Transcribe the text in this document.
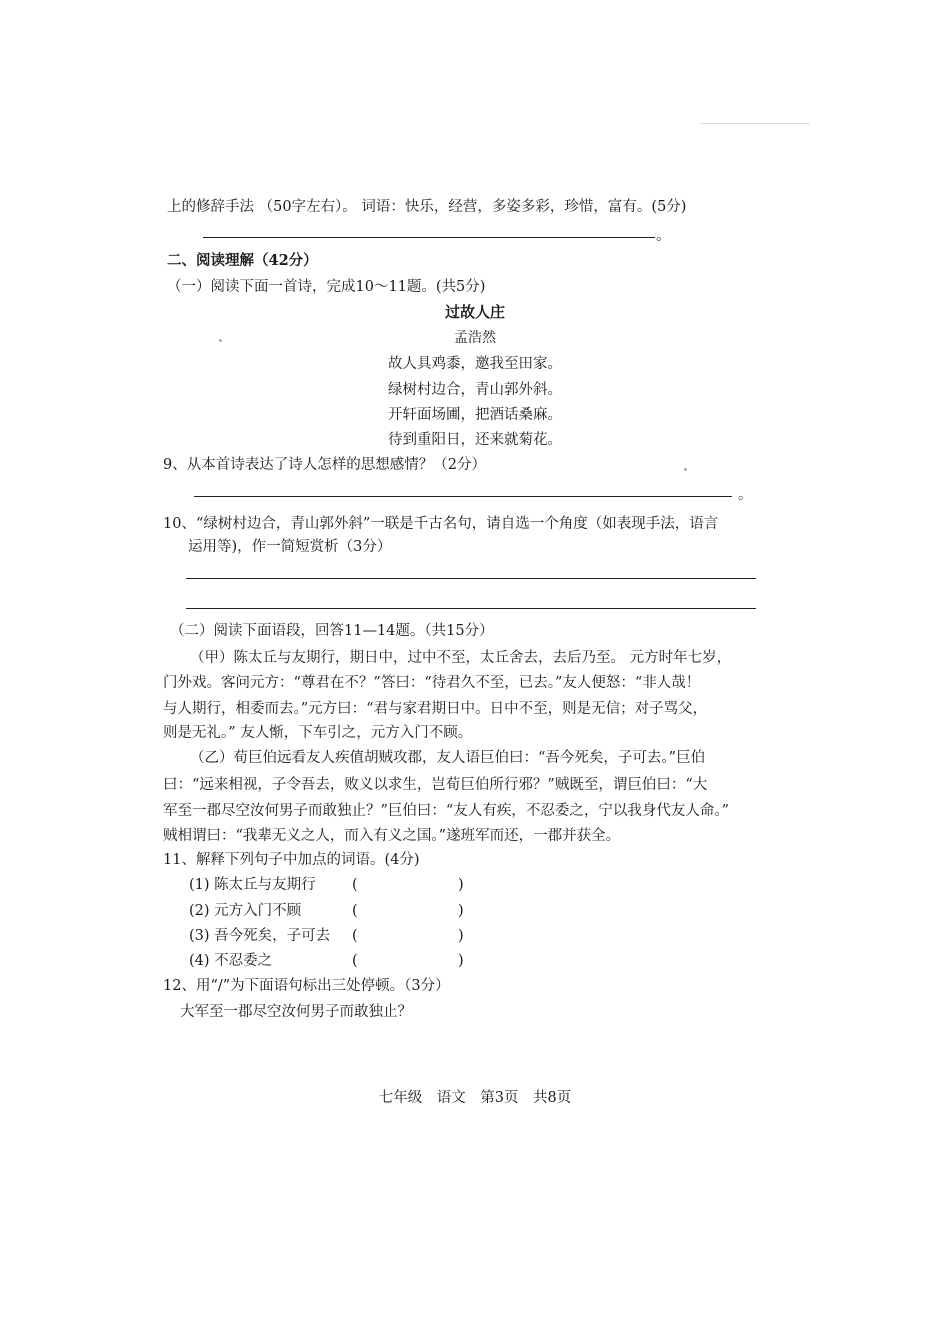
上的修辞手法 （50字左右）。 词语：快乐，经营，多姿多彩，珍惜，富有。(5分)
。
二、阅读理解（42分）
（一）阅读下面一首诗，完成10～11题。(共5分)
过故人庄
孟浩然
故人具鸡黍，邀我至田家。
绿树村边合，青山郭外斜。
开轩面场圃，把酒话桑麻。
待到重阳日，还来就菊花。
9、从本首诗表达了诗人怎样的思想感情？（2分）
。
10、“绿树村边合，青山郭外斜”一联是千古名句，请自选一个角度（如表现手法，语言
运用等)，作一简短赏析（3分）
（二）阅读下面语段，回答11—14题。（共15分）
（甲）陈太丘与友期行，期日中，过中不至，太丘舍去，去后乃至。 元方时年七岁，
门外戏。客问元方：“尊君在不？”答曰：“待君久不至，已去。”友人便怒：“非人哉！
与人期行，相委而去。”元方曰：“君与家君期日中。日中不至，则是无信；对子骂父，
则是无礼。” 友人惭，下车引之，元方入门不顾。
（乙）荀巨伯远看友人疾值胡贼攻郡，友人语巨伯曰：“吾今死矣，子可去。”巨伯
曰：“远来相视，子令吾去，败义以求生，岂荀巨伯所行邪？”贼既至，谓巨伯曰：“大
军至一郡尽空汝何男子而敢独止？”巨伯曰：“友人有疾，不忍委之，宁以我身代友人命。”
贼相谓曰：“我辈无义之人，而入有义之国。”遂班军而还，一郡并获全。
11、解释下列句子中加点的词语。(4分)
(1) 陈太丘与友期行	(	)
(2) 元方入门不顾	(	)
(3) 吾今死矣，子可去 (	)
(4) 不忍委之	(	)
12、用“/”为下面语句标出三处停顿。（3分）
大军至一郡尽空汝何男子而敢独止？
七年级　语文　第3页　共8页
